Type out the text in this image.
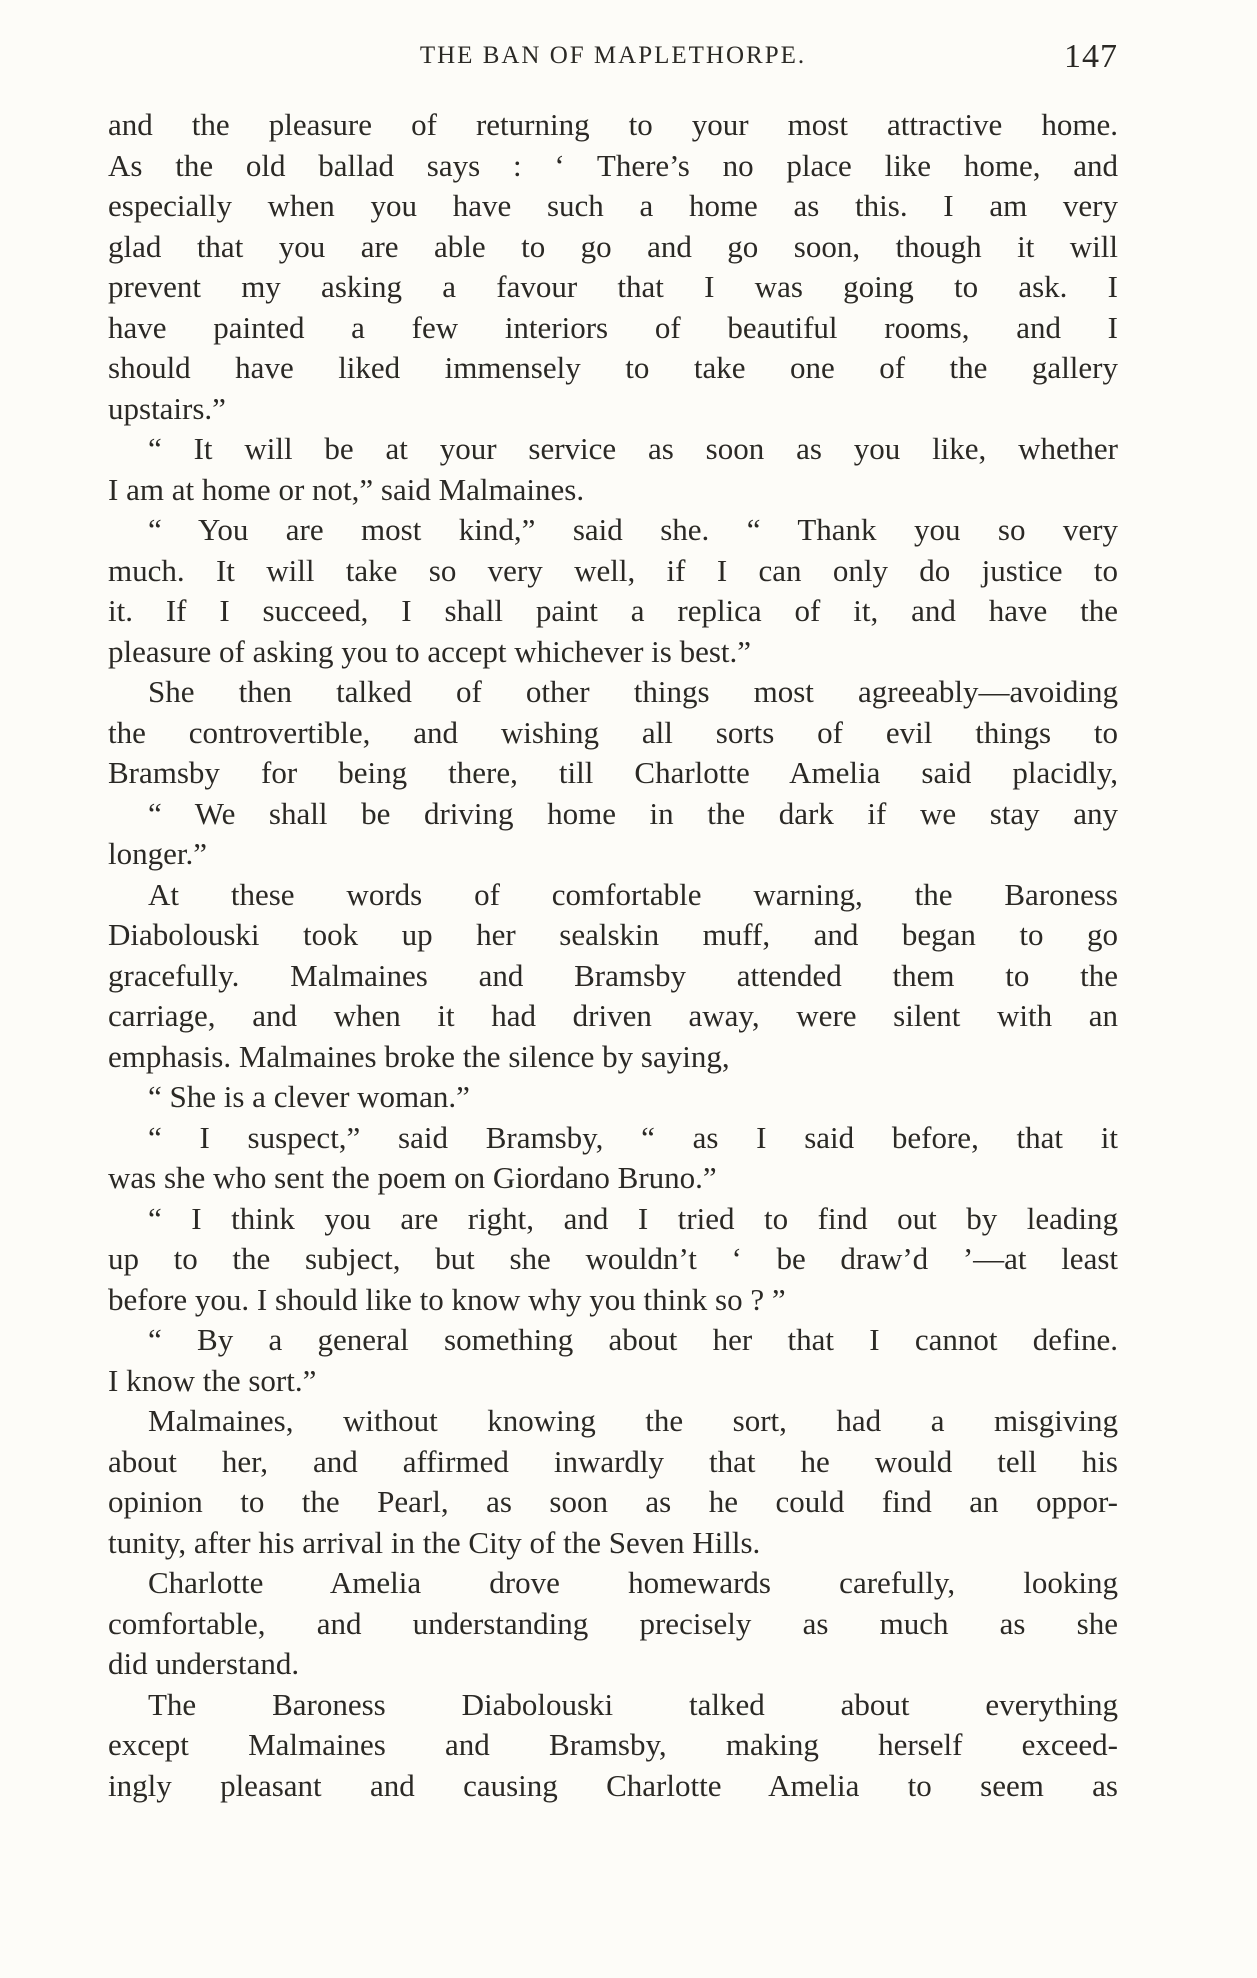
THE BAN OF MAPLETHORPE.	147
and the pleasure of returning to your most attractive home.
As the old ballad says : ‘ There’s no place like home, and
especially when you have such a home as this. I am very
glad that you are able to go and go soon, though it will
prevent my asking a favour that I was going to ask. I
have painted a few interiors of beautiful rooms, and I
should have liked immensely to take one of the gallery
upstairs.”
“ It will be at your service as soon as you like, whether
I am at home or not,” said Malmaines.
“ You are most kind,” said she. “ Thank you so very
much. It will take so very well, if I can only do justice to
it. If I succeed, I shall paint a replica of it, and have the
pleasure of asking you to accept whichever is best.”
She then talked of other things most agreeably—avoiding
the controvertible, and wishing all sorts of evil things to
Bramsby for being there, till Charlotte Amelia said placidly,
“ We shall be driving home in the dark if we stay any
longer.”
At these words of comfortable warning, the Baroness
Diabolouski took up her sealskin muff, and began to go
gracefully. Malmaines and Bramsby attended them to the
carriage, and when it had driven away, were silent with an
emphasis. Malmaines broke the silence by saying,
“ She is a clever woman.”
“ I suspect,” said Bramsby, “ as I said before, that it
was she who sent the poem on Giordano Bruno.”
“ I think you are right, and I tried to find out by leading
up to the subject, but she wouldn’t ‘ be draw’d ’—at least
before you. I should like to know why you think so ? ”
“ By a general something about her that I cannot define.
I know the sort.”
Malmaines, without knowing the sort, had a misgiving
about her, and affirmed inwardly that he would tell his
opinion to the Pearl, as soon as he could find an oppor-
tunity, after his arrival in the City of the Seven Hills.
Charlotte Amelia drove homewards carefully, looking
comfortable, and understanding precisely as much as she
did understand.
The Baroness Diabolouski talked about everything
except Malmaines and Bramsby, making herself exceed-
ingly pleasant and causing Charlotte Amelia to seem as
